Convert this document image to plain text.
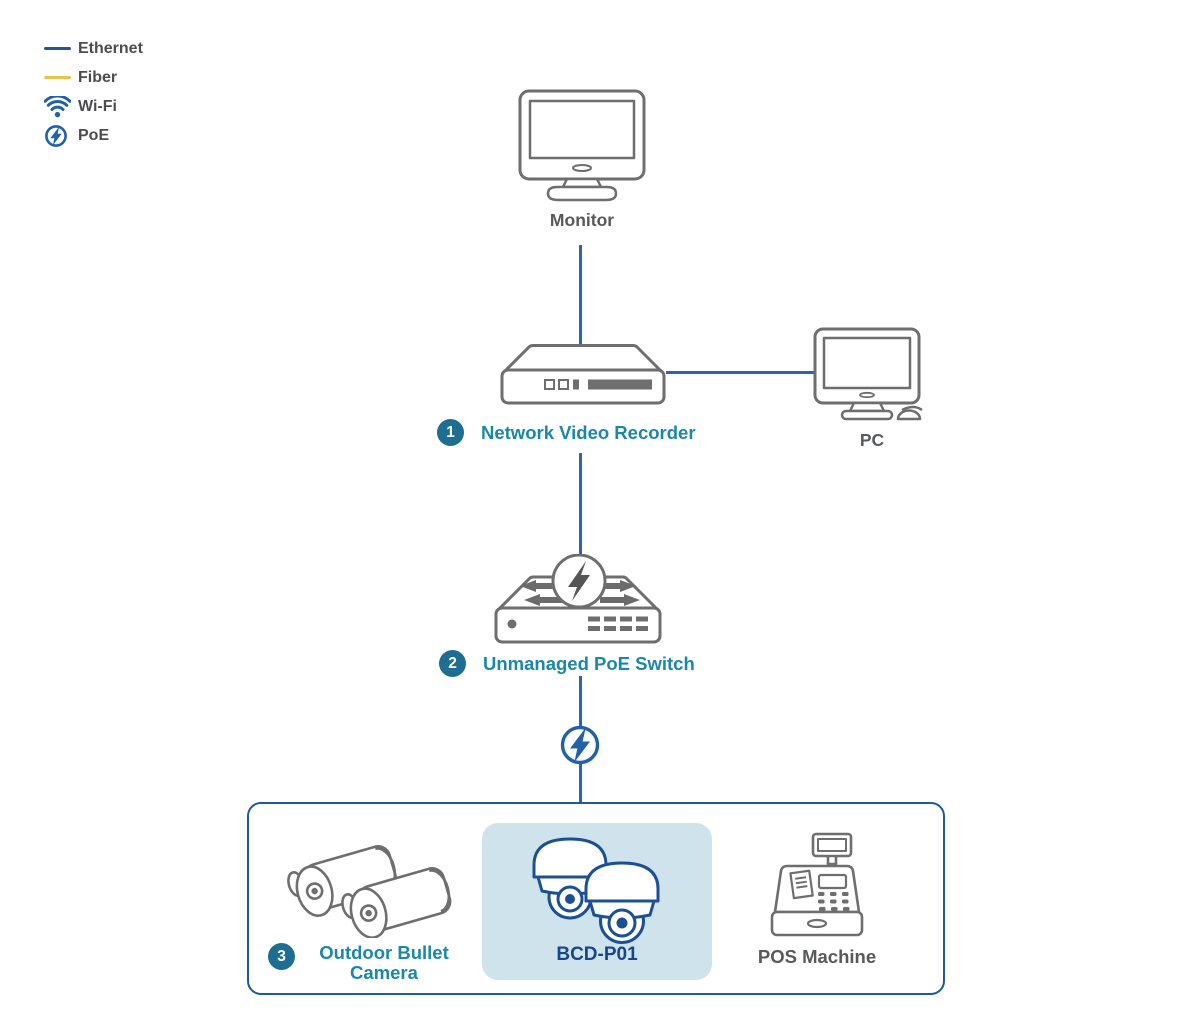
Ethernet
Fiber
Wi-Fi
PoE
Monitor
1	Network Video Recorder	PC
2	Unmanaged PoE Switch
3	Outdoor Bullet Camera
BCD-P01	POS Machine
